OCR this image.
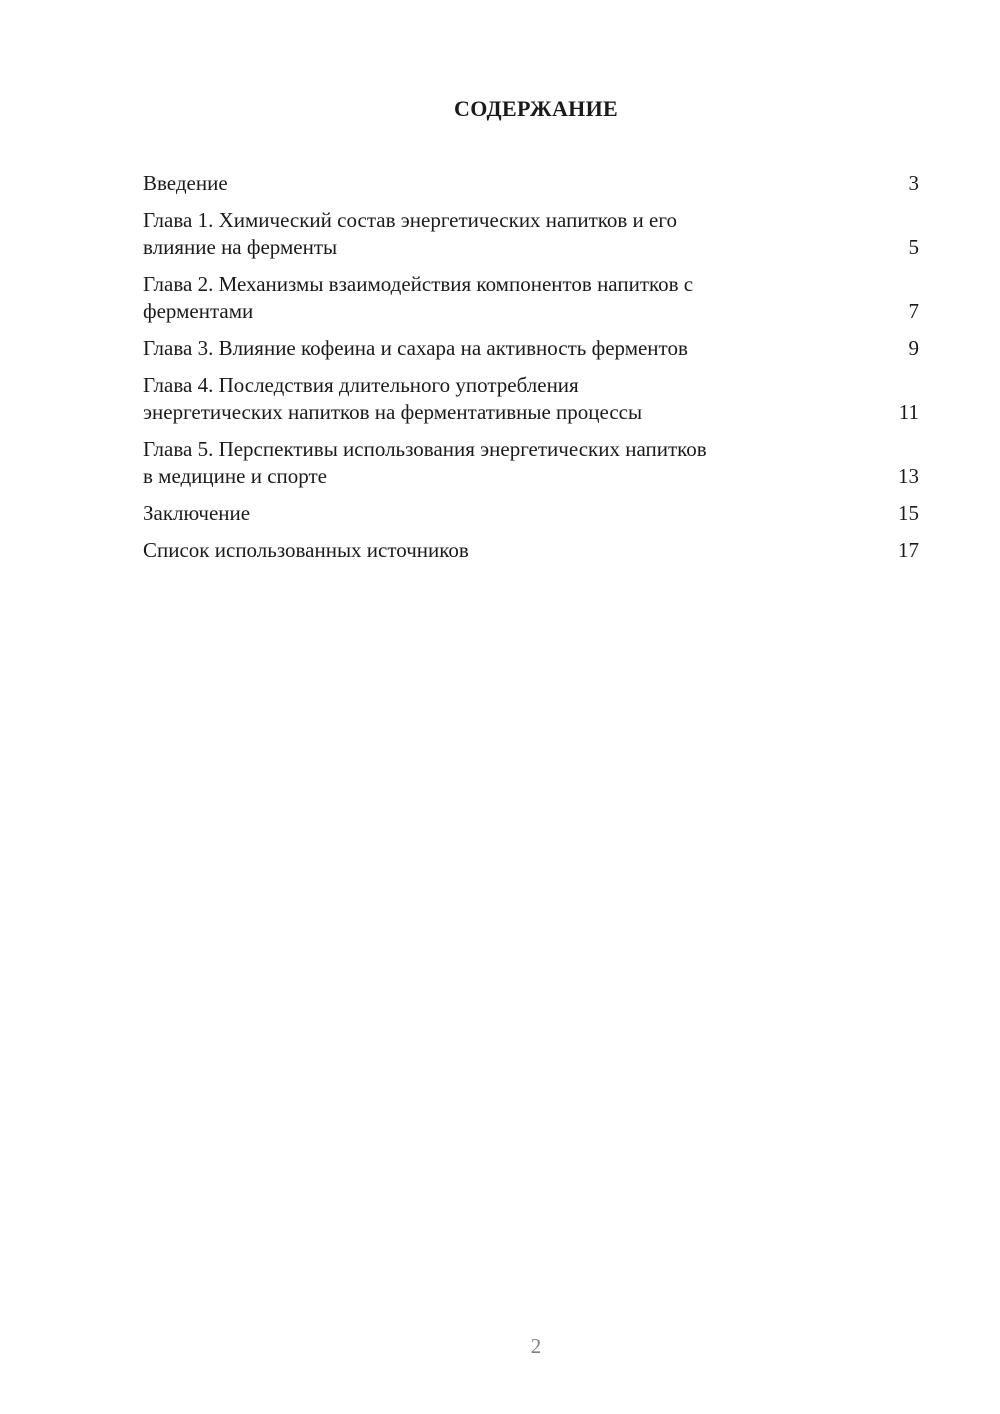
СОДЕРЖАНИЕ
Введение	3
Глава 1. Химический состав энергетических напитков и его
влияние на ферменты	5
Глава 2. Механизмы взаимодействия компонентов напитков с
ферментами	7
Глава 3. Влияние кофеина и сахара на активность ферментов	9
Глава 4. Последствия длительного употребления
энергетических напитков на ферментативные процессы	11
Глава 5. Перспективы использования энергетических напитков
в медицине и спорте	13
Заключение	15
Список использованных источников	17
2
